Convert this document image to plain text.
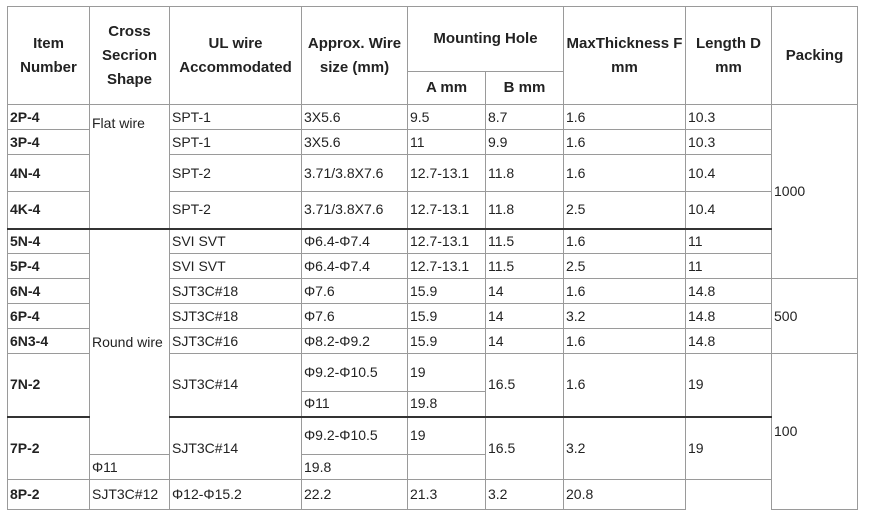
Item Number	Cross Secrion Shape	UL wire Accommodated	Approx. Wire size (mm)	Mounting Hole		MaxThickness F mm	Length D mm	Packing
				A mm	B mm			
2P-4	Flat wire	SPT-1	3X5.6	9.5	8.7	1.6	10.3	1000
3P-4		SPT-1	3X5.6	11	9.9	1.6	10.3	
4N-4		SPT-2	3.71/3.8X7.6	12.7-13.1	11.8	1.6	10.4	
4K-4		SPT-2	3.71/3.8X7.6	12.7-13.1	11.8	2.5	10.4	
5N-4	Round wire	SVI SVT	Φ6.4-Φ7.4	12.7-13.1	11.5	1.6	11	
5P-4		SVI SVT	Φ6.4-Φ7.4	12.7-13.1	11.5	2.5	11	
6N-4		SJT3C#18	Φ7.6	15.9	14	1.6	14.8	500
6P-4		SJT3C#18	Φ7.6	15.9	14	3.2	14.8	
6N3-4		SJT3C#16	Φ8.2-Φ9.2	15.9	14	1.6	14.8	
7N-2		SJT3C#14	Φ9.2-Φ10.5	19	16.5	1.6	19	100
			Φ11	19.8				
7P-2		SJT3C#14	Φ9.2-Φ10.5	19	16.5	3.2	19	
	Φ11		19.8					
8P-2	SJT3C#12	Φ12-Φ15.2	22.2	21.3	3.2	20.8		
